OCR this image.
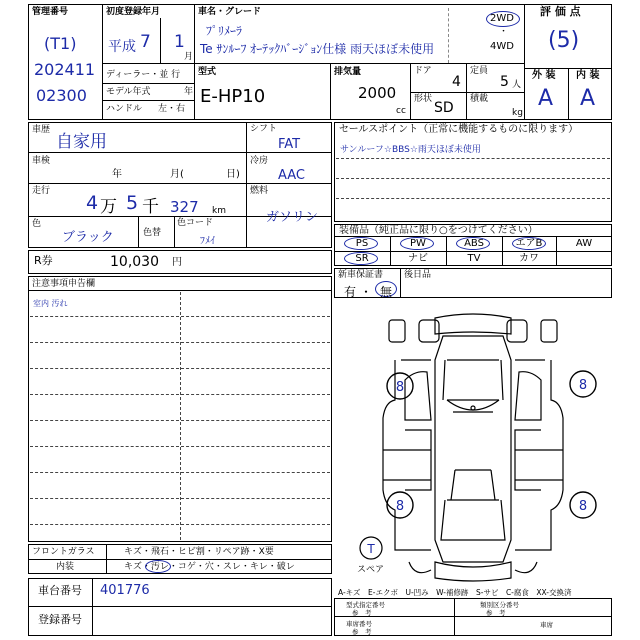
管理番号
(T1)
202411
02300
初度登録年月
平成 7 1
月
車名・グレード
ﾌﾟﾘﾒｰﾗ
Te ｻﾝﾙｰﾌ ｵｰﾃｯｸﾊﾞｰｼﾞｮﾝ仕様 雨天ほぼ未使用
2WD
・
4WD
評 価 点
(5)
外 装 内 装
A A
ディーラー・並 行
モデル年式	年
ハンドル 左・右
型式
E-HP10
排気量
2000
cc
ドア
4
定員
5 人
形状
SD
積載
kg
車歴
自家用
車検
年	月(	日)
走行
4 万 5 千 327 km
色
ブラック	色替
色コード
ﾌﾒｲ
シフト
FAT
冷房
AAC
燃料
ガソリン
R券	10,030 円
セールスポイント（正常に機能するものに限ります）
サンルーフ☆BBS☆雨天ほぼ未使用
装備品（純正品に限り○をつけてください）
PS	PW	ABS	エアB	AW
SR	ナビ	TV	カワ
新車保証書
有 ・ 無
後日品
注意事項申告欄
室内 汚れ
8	8
8	8
T
スペア
フロントガラス	キズ・飛石・ヒビ割・リペア跡・X要
内装	キズ・汚レ・コゲ・穴・スレ・キレ・破レ
車台番号 401776
登録番号
A-キズ　E-エクボ　U-凹み　W-補修跡　S-サビ　C-腐食　XX-交換済
型式指定番号
参　考
類別区分番号
参　考
車席番号
参　考
車席
